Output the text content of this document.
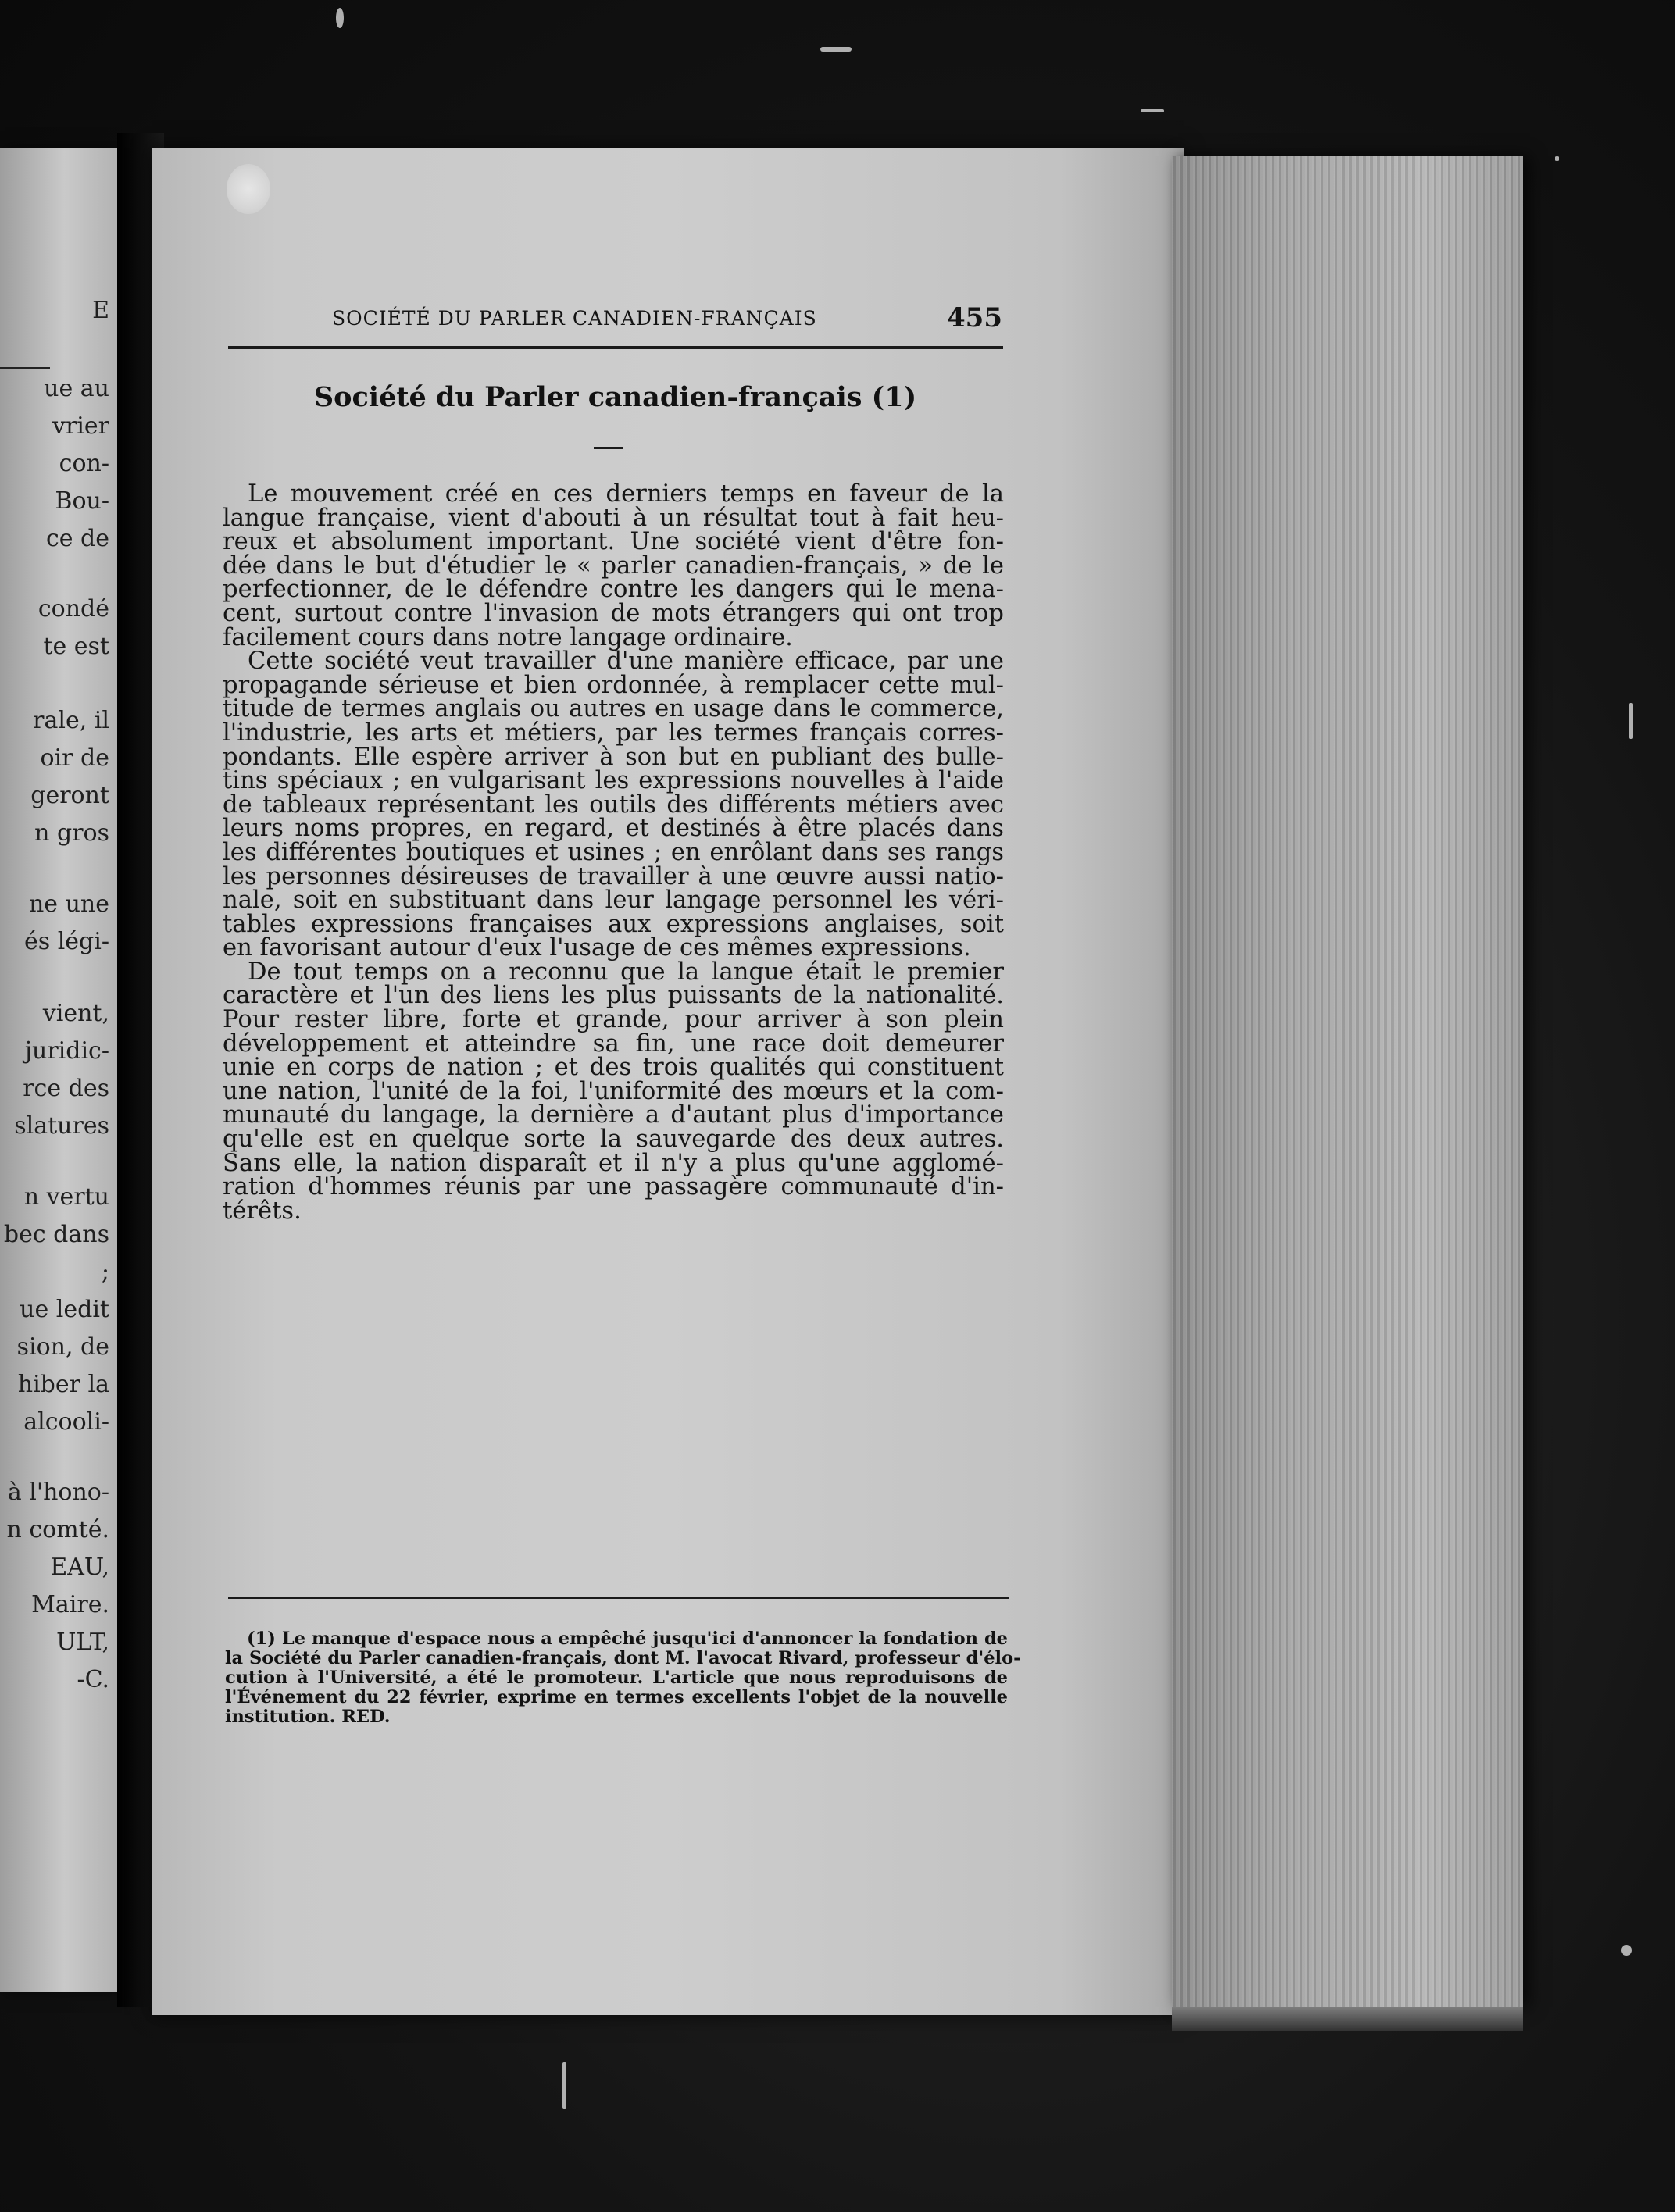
E
ue au
vrier
con-
Bou-
ce de
condé
te est
rale, il
oir de
geront
n gros
ne une
és légi-
vient,
juridic-
rce des
slatures
n vertu
bec dans
;
ue ledit
sion, de
hiber la
alcooli-
à l'hono-
n comté.
EAU,
Maire.
ULT,
-C.
SOCIÉTÉ DU PARLER CANADIEN-FRANÇAIS	455
Société du Parler canadien-français (1)
Le mouvement créé en ces derniers temps en faveur de la
langue française, vient d'abouti à un résultat tout à fait heu-
reux et absolument important. Une société vient d'être fon-
dée dans le but d'étudier le « parler canadien-français, » de le
perfectionner, de le défendre contre les dangers qui le mena-
cent, surtout contre l'invasion de mots étrangers qui ont trop
facilement cours dans notre langage ordinaire.
Cette société veut travailler d'une manière efficace, par une
propagande sérieuse et bien ordonnée, à remplacer cette mul-
titude de termes anglais ou autres en usage dans le commerce,
l'industrie, les arts et métiers, par les termes français corres-
pondants. Elle espère arriver à son but en publiant des bulle-
tins spéciaux ; en vulgarisant les expressions nouvelles à l'aide
de tableaux représentant les outils des différents métiers avec
leurs noms propres, en regard, et destinés à être placés dans
les différentes boutiques et usines ; en enrôlant dans ses rangs
les personnes désireuses de travailler à une œuvre aussi natio-
nale, soit en substituant dans leur langage personnel les véri-
tables expressions françaises aux expressions anglaises, soit
en favorisant autour d'eux l'usage de ces mêmes expressions.
De tout temps on a reconnu que la langue était le premier
caractère et l'un des liens les plus puissants de la nationalité.
Pour rester libre, forte et grande, pour arriver à son plein
développement et atteindre sa fin, une race doit demeurer
unie en corps de nation ; et des trois qualités qui constituent
une nation, l'unité de la foi, l'uniformité des mœurs et la com-
munauté du langage, la dernière a d'autant plus d'importance
qu'elle est en quelque sorte la sauvegarde des deux autres.
Sans elle, la nation disparaît et il n'y a plus qu'une agglomé-
ration d'hommes réunis par une passagère communauté d'in-
térêts.
(1) Le manque d'espace nous a empêché jusqu'ici d'annoncer la fondation de
la Société du Parler canadien-français, dont M. l'avocat Rivard, professeur d'élo-
cution à l'Université, a été le promoteur. L'article que nous reproduisons de
l'Événement du 22 février, exprime en termes excellents l'objet de la nouvelle
institution. RED.
